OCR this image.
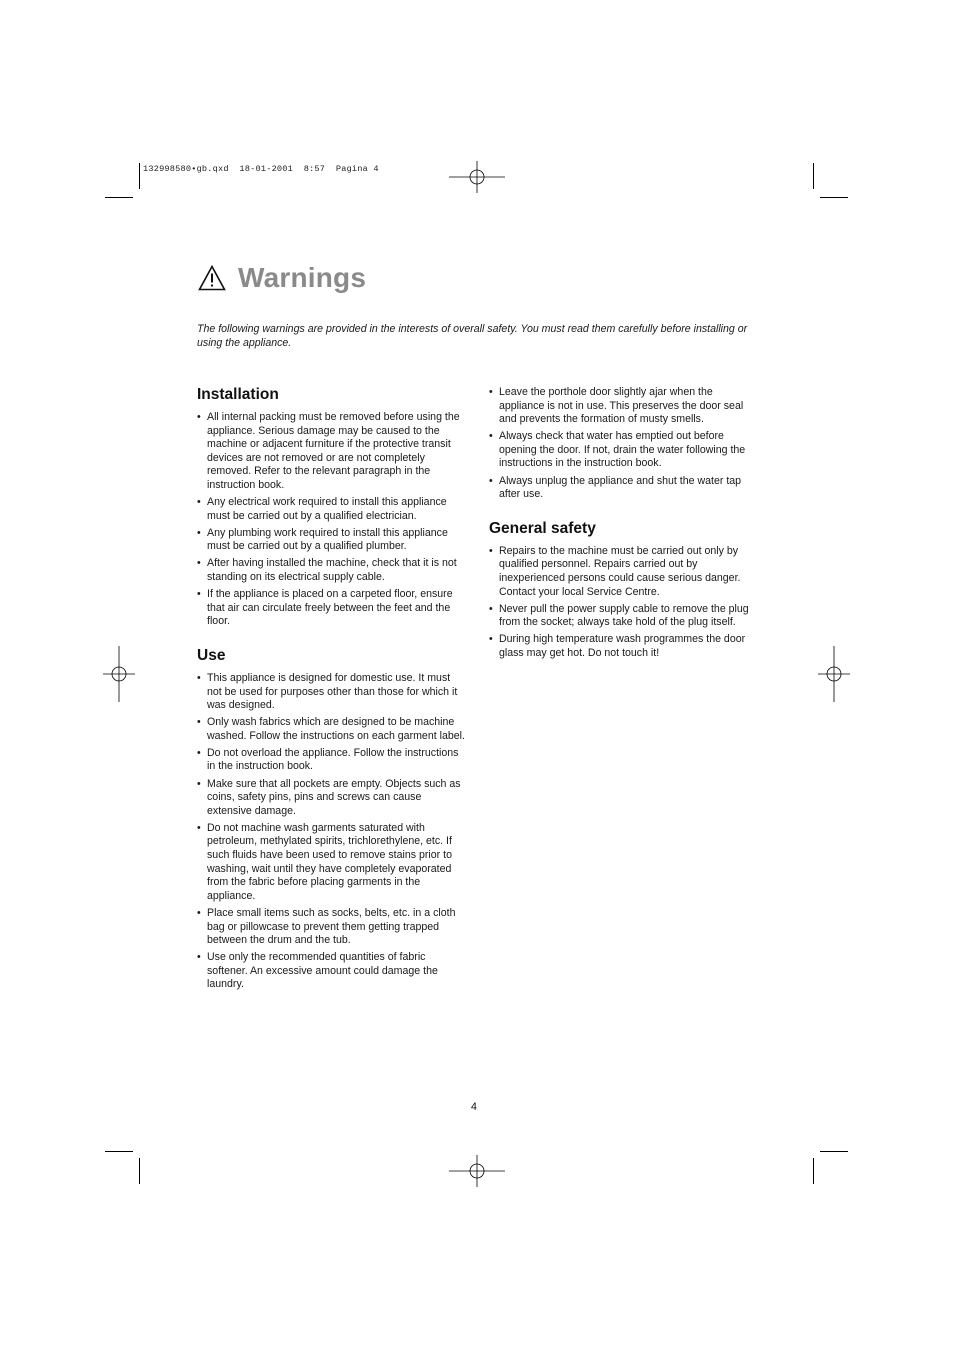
132998580•gb.qxd  18-01-2001  8:57  Pagina 4
Warnings
The following warnings are provided in the interests of overall safety. You must read them carefully before installing or using the appliance.
Installation
• All internal packing must be removed before using the appliance. Serious damage may be caused to the machine or adjacent furniture if the protective transit devices are not removed or are not completely removed. Refer to the relevant paragraph in the instruction book.
• Any electrical work required to install this appliance must be carried out by a qualified electrician.
• Any plumbing work required to install this appliance must be carried out by a qualified plumber.
• After having installed the machine, check that it is not standing on its electrical supply cable.
• If the appliance is placed on a carpeted floor, ensure that air can circulate freely between the feet and the floor.
Use
• This appliance is designed for domestic use. It must not be used for purposes other than those for which it was designed.
• Only wash fabrics which are designed to be machine washed. Follow the instructions on each garment label.
• Do not overload the appliance. Follow the instructions in the instruction book.
• Make sure that all pockets are empty. Objects such as coins, safety pins, pins and screws can cause extensive damage.
• Do not machine wash garments saturated with petroleum, methylated spirits, trichlorethylene, etc. If such fluids have been used to remove stains prior to washing, wait until they have completely evaporated from the fabric before placing garments in the appliance.
• Place small items such as socks, belts, etc. in a cloth bag or pillowcase to prevent them getting trapped between the drum and the tub.
• Use only the recommended quantities of fabric softener. An excessive amount could damage the laundry.
• Leave the porthole door slightly ajar when the appliance is not in use. This preserves the door seal and prevents the formation of musty smells.
• Always check that water has emptied out before opening the door. If not, drain the water following the instructions in the instruction book.
• Always unplug the appliance and shut the water tap after use.
General safety
• Repairs to the machine must be carried out only by qualified personnel. Repairs carried out by inexperienced persons could cause serious danger. Contact your local Service Centre.
• Never pull the power supply cable to remove the plug from the socket; always take hold of the plug itself.
• During high temperature wash programmes the door glass may get hot. Do not touch it!
4
